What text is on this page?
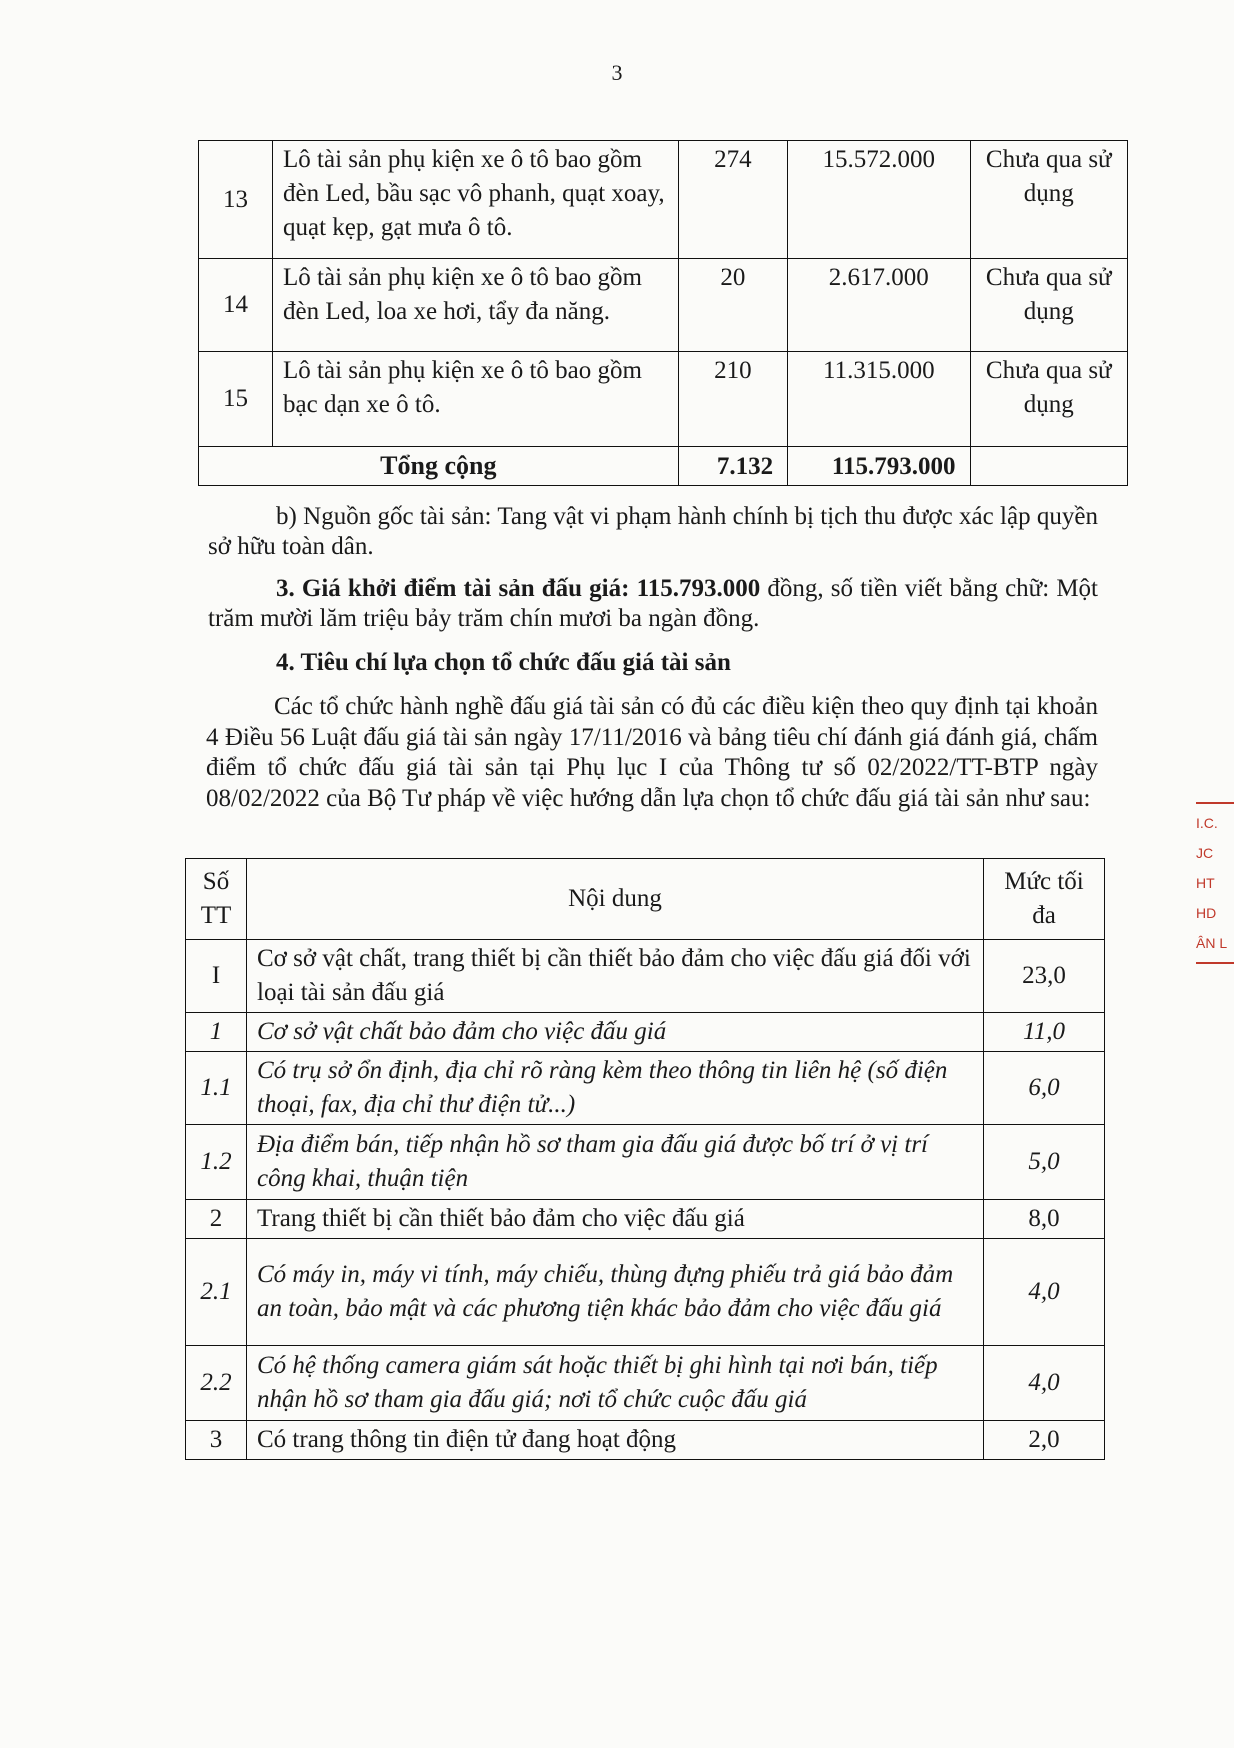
3
13	Lô tài sản phụ kiện xe ô tô bao gồm đèn Led, bầu sạc vô phanh, quạt xoay, quạt kẹp, gạt mưa ô tô.	274	15.572.000	Chưa qua sử dụng
14	Lô tài sản phụ kiện xe ô tô bao gồm đèn Led, loa xe hơi, tẩy đa năng.	20	2.617.000	Chưa qua sử dụng
15	Lô tài sản phụ kiện xe ô tô bao gồm bạc dạn xe ô tô.	210	11.315.000	Chưa qua sử dụng
Tổng cộng		7.132	115.793.000	
b) Nguồn gốc tài sản: Tang vật vi phạm hành chính bị tịch thu được xác lập quyền sở hữu toàn dân.
3. Giá khởi điểm tài sản đấu giá: 115.793.000 đồng, số tiền viết bằng chữ: Một trăm mười lăm triệu bảy trăm chín mươi ba ngàn đồng.
4. Tiêu chí lựa chọn tổ chức đấu giá tài sản
Các tổ chức hành nghề đấu giá tài sản có đủ các điều kiện theo quy định tại khoản 4 Điều 56 Luật đấu giá tài sản ngày 17/11/2016 và bảng tiêu chí đánh giá đánh giá, chấm điểm tổ chức đấu giá tài sản tại Phụ lục I của Thông tư số 02/2022/TT-BTP ngày 08/02/2022 của Bộ Tư pháp về việc hướng dẫn lựa chọn tổ chức đấu giá tài sản như sau:
Số TT	Nội dung	Mức tối đa
I	Cơ sở vật chất, trang thiết bị cần thiết bảo đảm cho việc đấu giá đối với loại tài sản đấu giá	23,0
1	Cơ sở vật chất bảo đảm cho việc đấu giá	11,0
1.1	Có trụ sở ổn định, địa chỉ rõ ràng kèm theo thông tin liên hệ (số điện thoại, fax, địa chỉ thư điện tử...)	6,0
1.2	Địa điểm bán, tiếp nhận hồ sơ tham gia đấu giá được bố trí ở vị trí công khai, thuận tiện	5,0
2	Trang thiết bị cần thiết bảo đảm cho việc đấu giá	8,0
2.1	Có máy in, máy vi tính, máy chiếu, thùng đựng phiếu trả giá bảo đảm an toàn, bảo mật và các phương tiện khác bảo đảm cho việc đấu giá	4,0
2.2	Có hệ thống camera giám sát hoặc thiết bị ghi hình tại nơi bán, tiếp nhận hồ sơ tham gia đấu giá; nơi tổ chức cuộc đấu giá	4,0
3	Có trang thông tin điện tử đang hoạt động	2,0
I.C.
JC
HT
HD
ÂN L
